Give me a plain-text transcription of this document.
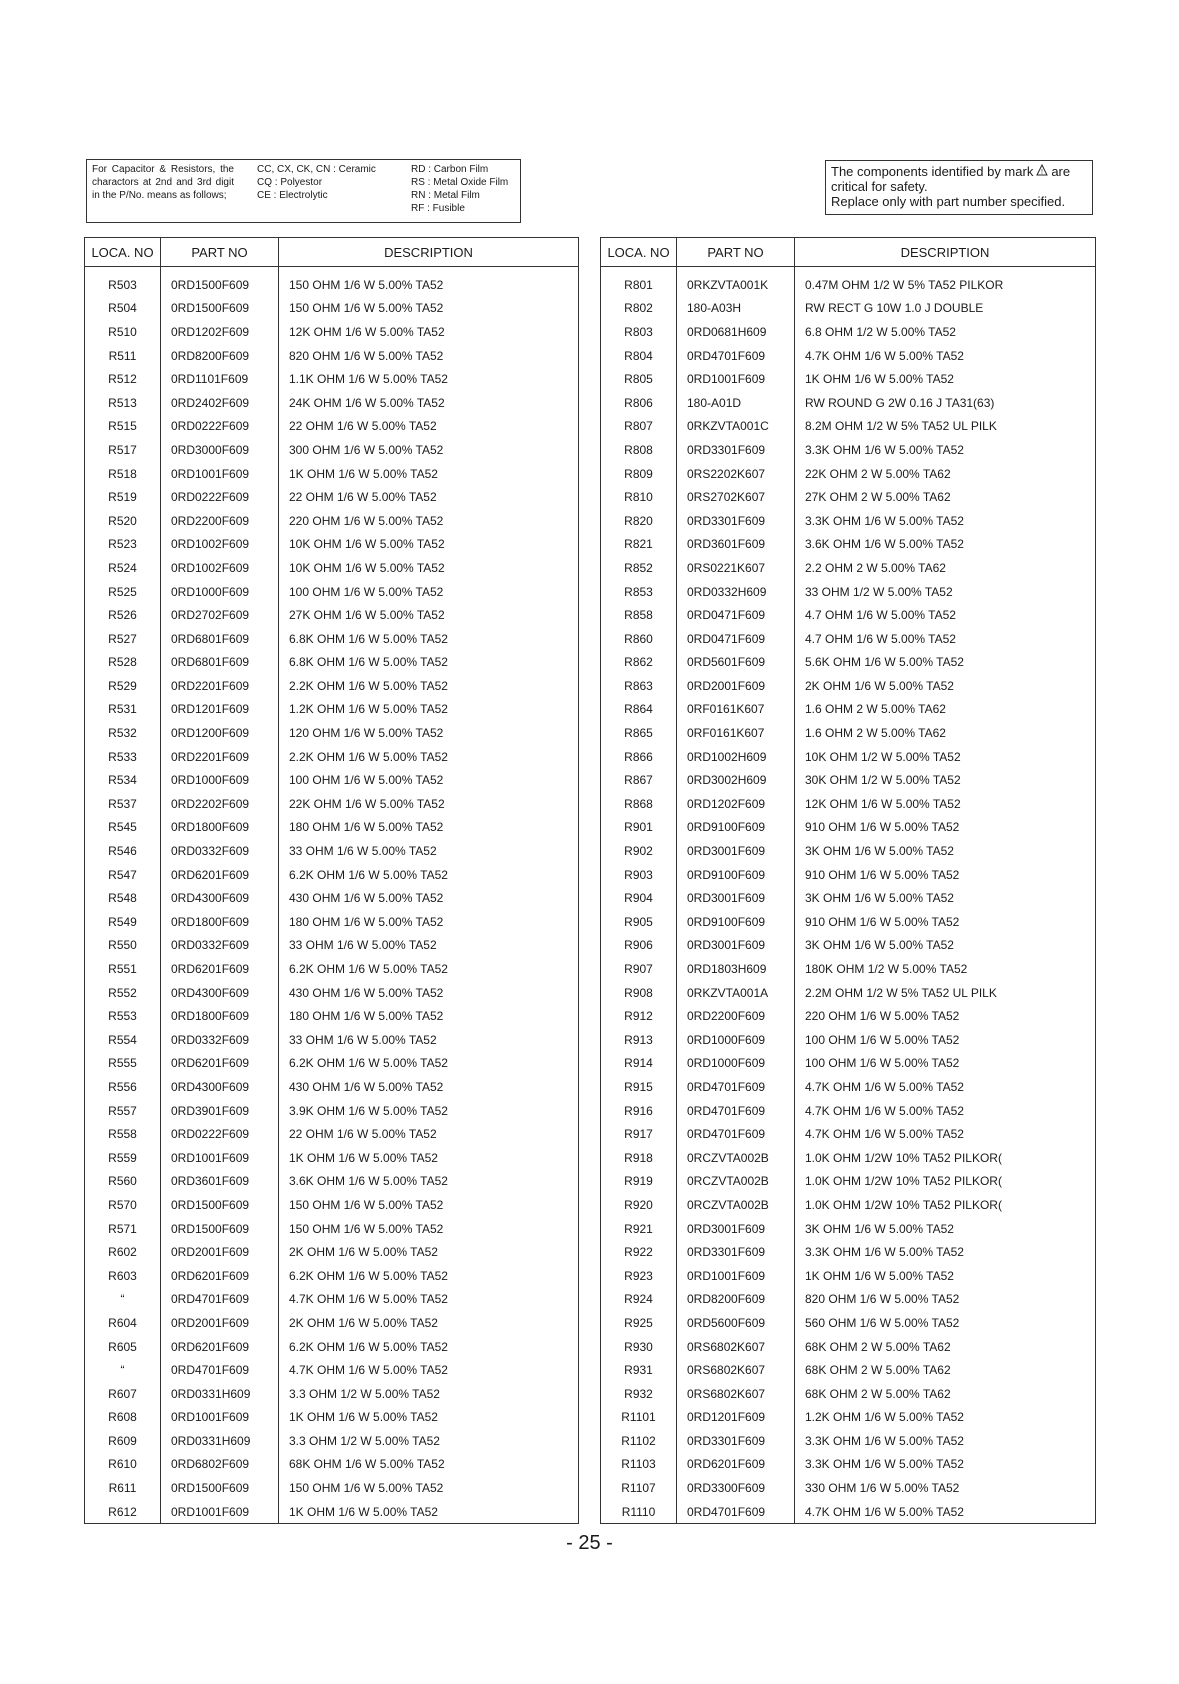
For Capacitor & Resistors, the charactors at 2nd and 3rd digit in the P/No. means as follows;
CC, CX, CK, CN : Ceramic
CQ : Polyestor
CE : Electrolytic
RD : Carbon Film
RS : Metal Oxide Film
RN : Metal Film
RF : Fusible
The components identified by mark ! are
critical for safety.
Replace only with part number specified.
LOCA. NO	PART NO	DESCRIPTION

R503	0RD1500F609	150 OHM 1/6 W 5.00% TA52
R504	0RD1500F609	150 OHM 1/6 W 5.00% TA52
R510	0RD1202F609	12K OHM 1/6 W 5.00% TA52
R511	0RD8200F609	820 OHM 1/6 W 5.00% TA52
R512	0RD1101F609	1.1K OHM 1/6 W 5.00% TA52
R513	0RD2402F609	24K OHM 1/6 W 5.00% TA52
R515	0RD0222F609	22 OHM 1/6 W 5.00% TA52
R517	0RD3000F609	300 OHM 1/6 W 5.00% TA52
R518	0RD1001F609	1K OHM 1/6 W 5.00% TA52
R519	0RD0222F609	22 OHM 1/6 W 5.00% TA52
R520	0RD2200F609	220 OHM 1/6 W 5.00% TA52
R523	0RD1002F609	10K OHM 1/6 W 5.00% TA52
R524	0RD1002F609	10K OHM 1/6 W 5.00% TA52
R525	0RD1000F609	100 OHM 1/6 W 5.00% TA52
R526	0RD2702F609	27K OHM 1/6 W 5.00% TA52
R527	0RD6801F609	6.8K OHM 1/6 W 5.00% TA52
R528	0RD6801F609	6.8K OHM 1/6 W 5.00% TA52
R529	0RD2201F609	2.2K OHM 1/6 W 5.00% TA52
R531	0RD1201F609	1.2K OHM 1/6 W 5.00% TA52
R532	0RD1200F609	120 OHM 1/6 W 5.00% TA52
R533	0RD2201F609	2.2K OHM 1/6 W 5.00% TA52
R534	0RD1000F609	100 OHM 1/6 W 5.00% TA52
R537	0RD2202F609	22K OHM 1/6 W 5.00% TA52
R545	0RD1800F609	180 OHM 1/6 W 5.00% TA52
R546	0RD0332F609	33 OHM 1/6 W 5.00% TA52
R547	0RD6201F609	6.2K OHM 1/6 W 5.00% TA52
R548	0RD4300F609	430 OHM 1/6 W 5.00% TA52
R549	0RD1800F609	180 OHM 1/6 W 5.00% TA52
R550	0RD0332F609	33 OHM 1/6 W 5.00% TA52
R551	0RD6201F609	6.2K OHM 1/6 W 5.00% TA52
R552	0RD4300F609	430 OHM 1/6 W 5.00% TA52
R553	0RD1800F609	180 OHM 1/6 W 5.00% TA52
R554	0RD0332F609	33 OHM 1/6 W 5.00% TA52
R555	0RD6201F609	6.2K OHM 1/6 W 5.00% TA52
R556	0RD4300F609	430 OHM 1/6 W 5.00% TA52
R557	0RD3901F609	3.9K OHM 1/6 W 5.00% TA52
R558	0RD0222F609	22 OHM 1/6 W 5.00% TA52
R559	0RD1001F609	1K OHM 1/6 W 5.00% TA52
R560	0RD3601F609	3.6K OHM 1/6 W 5.00% TA52
R570	0RD1500F609	150 OHM 1/6 W 5.00% TA52
R571	0RD1500F609	150 OHM 1/6 W 5.00% TA52
R602	0RD2001F609	2K OHM 1/6 W 5.00% TA52
R603	0RD6201F609	6.2K OHM 1/6 W 5.00% TA52
“	0RD4701F609	4.7K OHM 1/6 W 5.00% TA52
R604	0RD2001F609	2K OHM 1/6 W 5.00% TA52
R605	0RD6201F609	6.2K OHM 1/6 W 5.00% TA52
“	0RD4701F609	4.7K OHM 1/6 W 5.00% TA52
R607	0RD0331H609	3.3 OHM 1/2 W 5.00% TA52
R608	0RD1001F609	1K OHM 1/6 W 5.00% TA52
R609	0RD0331H609	3.3 OHM 1/2 W 5.00% TA52
R610	0RD6802F609	68K OHM 1/6 W 5.00% TA52
R611	0RD1500F609	150 OHM 1/6 W 5.00% TA52
R612	0RD1001F609	1K OHM 1/6 W 5.00% TA52
LOCA. NO	PART NO	DESCRIPTION

R801	0RKZVTA001K	0.47M OHM 1/2 W 5% TA52 PILKOR
R802	180-A03H	RW RECT G 10W 1.0 J DOUBLE
R803	0RD0681H609	6.8 OHM 1/2 W 5.00% TA52
R804	0RD4701F609	4.7K OHM 1/6 W 5.00% TA52
R805	0RD1001F609	1K OHM 1/6 W 5.00% TA52
R806	180-A01D	RW ROUND G 2W 0.16 J TA31(63)
R807	0RKZVTA001C	8.2M OHM 1/2 W 5% TA52 UL PILK
R808	0RD3301F609	3.3K OHM 1/6 W 5.00% TA52
R809	0RS2202K607	22K OHM 2 W 5.00% TA62
R810	0RS2702K607	27K OHM 2 W 5.00% TA62
R820	0RD3301F609	3.3K OHM 1/6 W 5.00% TA52
R821	0RD3601F609	3.6K OHM 1/6 W 5.00% TA52
R852	0RS0221K607	2.2 OHM 2 W 5.00% TA62
R853	0RD0332H609	33 OHM 1/2 W 5.00% TA52
R858	0RD0471F609	4.7 OHM 1/6 W 5.00% TA52
R860	0RD0471F609	4.7 OHM 1/6 W 5.00% TA52
R862	0RD5601F609	5.6K OHM 1/6 W 5.00% TA52
R863	0RD2001F609	2K OHM 1/6 W 5.00% TA52
R864	0RF0161K607	1.6 OHM 2 W 5.00% TA62
R865	0RF0161K607	1.6 OHM 2 W 5.00% TA62
R866	0RD1002H609	10K OHM 1/2 W 5.00% TA52
R867	0RD3002H609	30K OHM 1/2 W 5.00% TA52
R868	0RD1202F609	12K OHM 1/6 W 5.00% TA52
R901	0RD9100F609	910 OHM 1/6 W 5.00% TA52
R902	0RD3001F609	3K OHM 1/6 W 5.00% TA52
R903	0RD9100F609	910 OHM 1/6 W 5.00% TA52
R904	0RD3001F609	3K OHM 1/6 W 5.00% TA52
R905	0RD9100F609	910 OHM 1/6 W 5.00% TA52
R906	0RD3001F609	3K OHM 1/6 W 5.00% TA52
R907	0RD1803H609	180K OHM 1/2 W 5.00% TA52
R908	0RKZVTA001A	2.2M OHM 1/2 W 5% TA52 UL PILK
R912	0RD2200F609	220 OHM 1/6 W 5.00% TA52
R913	0RD1000F609	100 OHM 1/6 W 5.00% TA52
R914	0RD1000F609	100 OHM 1/6 W 5.00% TA52
R915	0RD4701F609	4.7K OHM 1/6 W 5.00% TA52
R916	0RD4701F609	4.7K OHM 1/6 W 5.00% TA52
R917	0RD4701F609	4.7K OHM 1/6 W 5.00% TA52
R918	0RCZVTA002B	1.0K OHM 1/2W 10% TA52 PILKOR(
R919	0RCZVTA002B	1.0K OHM 1/2W 10% TA52 PILKOR(
R920	0RCZVTA002B	1.0K OHM 1/2W 10% TA52 PILKOR(
R921	0RD3001F609	3K OHM 1/6 W 5.00% TA52
R922	0RD3301F609	3.3K OHM 1/6 W 5.00% TA52
R923	0RD1001F609	1K OHM 1/6 W 5.00% TA52
R924	0RD8200F609	820 OHM 1/6 W 5.00% TA52
R925	0RD5600F609	560 OHM 1/6 W 5.00% TA52
R930	0RS6802K607	68K OHM 2 W 5.00% TA62
R931	0RS6802K607	68K OHM 2 W 5.00% TA62
R932	0RS6802K607	68K OHM 2 W 5.00% TA62
R1101	0RD1201F609	1.2K OHM 1/6 W 5.00% TA52
R1102	0RD3301F609	3.3K OHM 1/6 W 5.00% TA52
R1103	0RD6201F609	3.3K OHM 1/6 W 5.00% TA52
R1107	0RD3300F609	330 OHM 1/6 W 5.00% TA52
R1110	0RD4701F609	4.7K OHM 1/6 W 5.00% TA52
- 25 -
